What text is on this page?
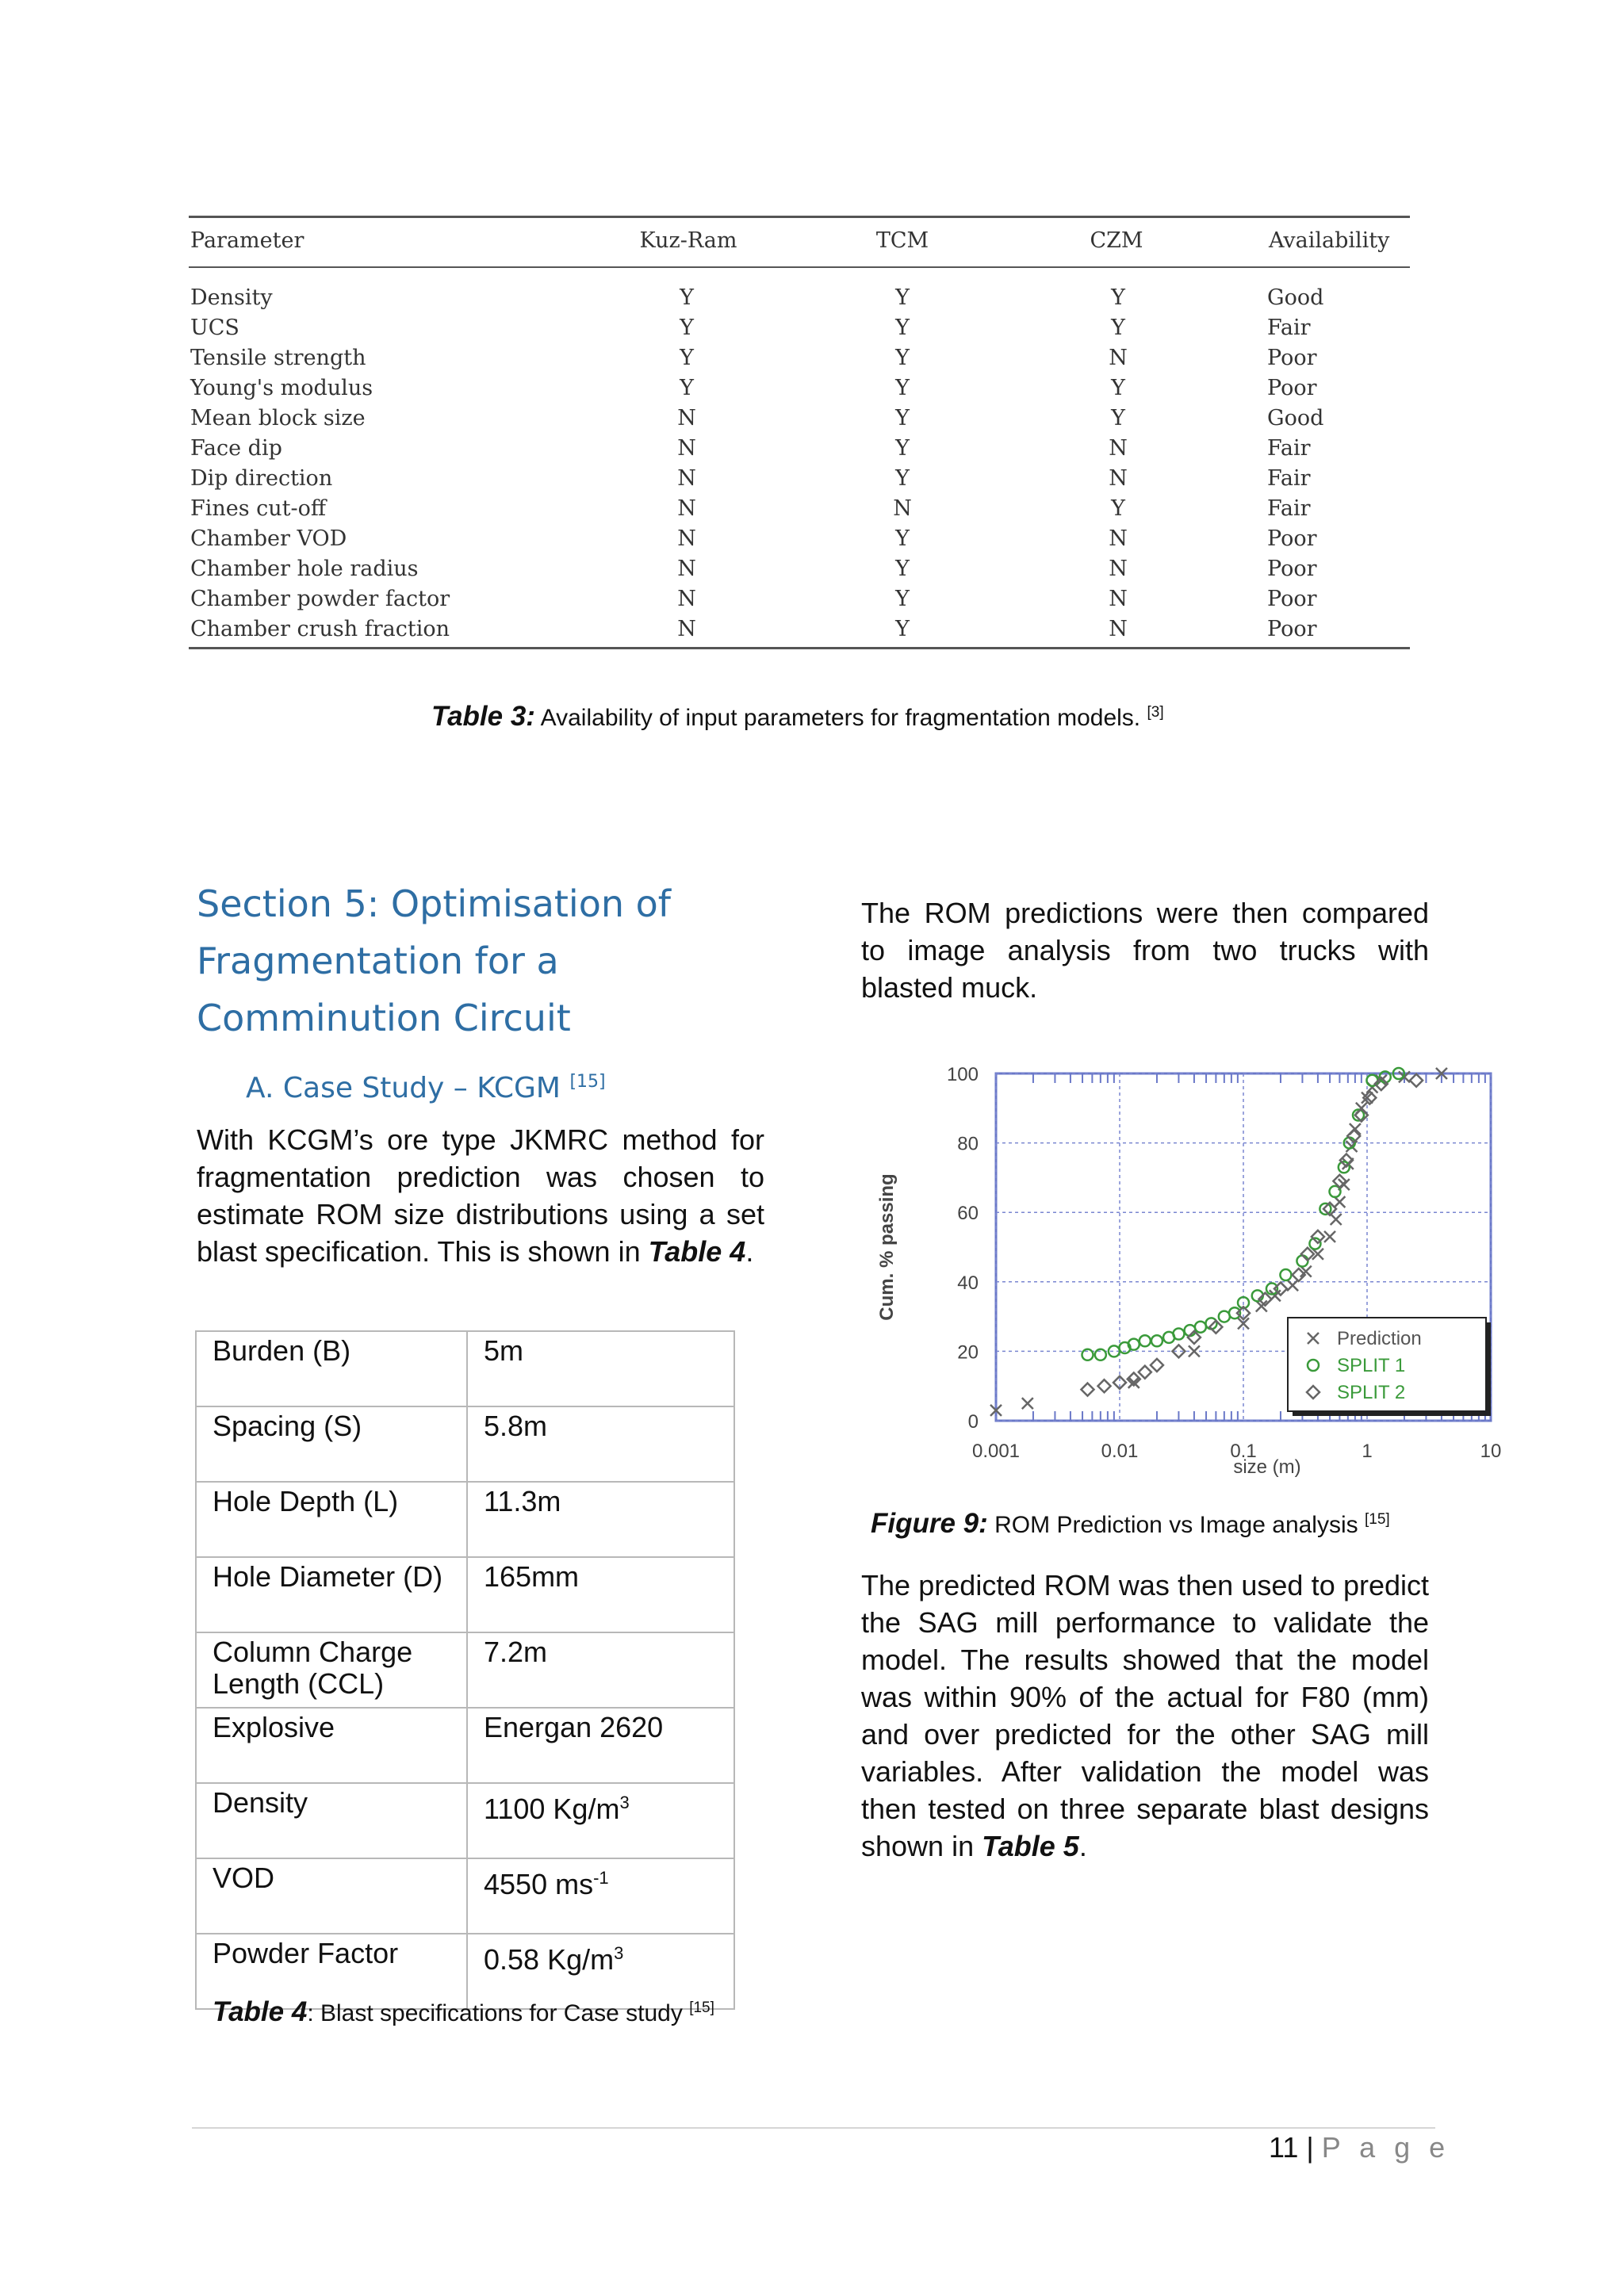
Parameter	Kuz-Ram	TCM	CZM	Availability
Density	Y	Y	Y	Good
UCS	Y	Y	Y	Fair
Tensile strength	Y	Y	N	Poor
Young's modulus	Y	Y	Y	Poor
Mean block size	N	Y	Y	Good
Face dip	N	Y	N	Fair
Dip direction	N	Y	N	Fair
Fines cut-off	N	N	Y	Fair
Chamber VOD	N	Y	N	Poor
Chamber hole radius	N	Y	N	Poor
Chamber powder factor	N	Y	N	Poor
Chamber crush fraction	N	Y	N	Poor
Table 3: Availability of input parameters for fragmentation models. [3]
Section 5: Optimisation of Fragmentation for a Comminution Circuit
A. Case Study – KCGM [15]

With KCGM’s ore type JKMRC method for fragmentation prediction was chosen to estimate ROM size distributions using a set blast specification. This is shown in Table 4.

Burden (B)	5m
Spacing (S)	5.8m
Hole Depth (L)	11.3m
Hole Diameter (D)	165mm
Column Charge Length (CCL)	7.2m
Explosive	Energan 2620
Density	1100 $Kg/m^3$
VOD	4550 $ms^{-1}$
Powder Factor	0.58 $Kg/m^3$
Table 4: Blast specifications for Case study [15]

The ROM predictions were then compared to image analysis from two trucks with blasted muck.

0
20
40
60
80
100
0.001	0.01	0.1	1	10
size (m)
Cum. % passing
Prediction
SPLIT 1
SPLIT 2
Figure 9: ROM Prediction vs Image analysis [15]

The predicted ROM was then used to predict the SAG mill performance to validate the model. The results showed that the model was within 90% of the actual for F80 (mm) and over predicted for the other SAG mill variables. After validation the model was then tested on three separate blast designs shown in Table 5.

11 | P a g e
